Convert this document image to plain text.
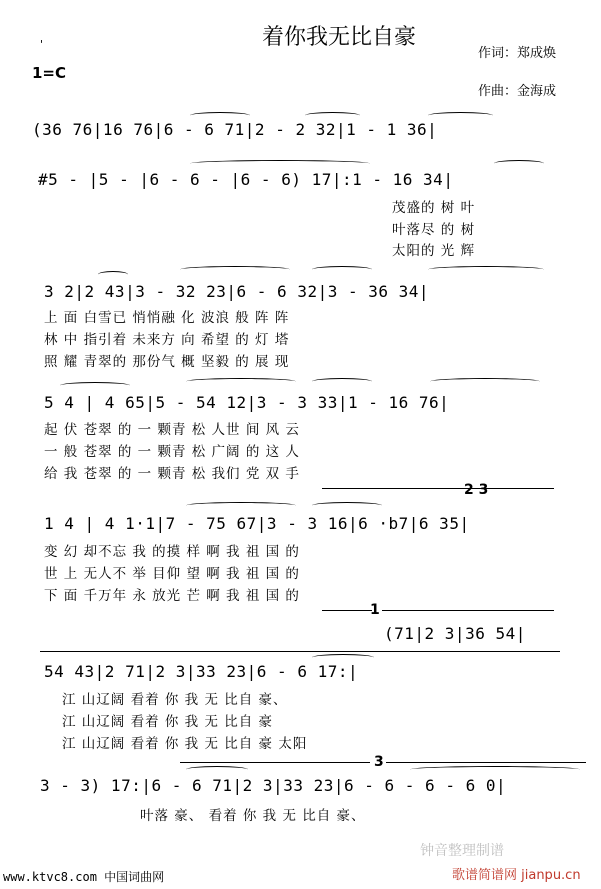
'	着你我无比自豪
作词：郑成焕
作曲：金海成
1=C
(36 76|16 76|6 - 6 71|2 - 2 32|1 - 1 36|
#5 - |5 - |6 - 6 - |6 - 6) 17|:1 - 16 34|
茂盛的 树 叶
叶落尽 的 树
太阳的 光 辉
3 2|2 43|3 - 32 23|6 - 6 32|3 - 36 34|
上 面 白雪已 悄悄融 化 波浪 般 阵 阵
林 中 指引着 未来方 向 希望 的 灯 塔
照 耀 青翠的 那份气 概 坚毅 的 展 现
5 4 | 4 65|5 - 54 12|3 - 3 33|1 - 16 76|
起 伏 苍翠 的 一 颗青 松 人世 间 风 云
一 般 苍翠 的 一 颗青 松 广阔 的 这 人
给 我 苍翠 的 一 颗青 松 我们 党 双 手
2 3
1 4 | 4 1·1|7 - 75 67|3 - 3 16|6 ·b7|6 35|
变 幻 却不忘 我 的摸 样 啊 我 祖 国 的
世 上 无人不 举 目仰 望 啊 我 祖 国 的
下 面 千万年 永 放光 芒 啊 我 祖 国 的
1
(71|2 3|36 54|
54 43|2 71|2 3|33 23|6 - 6 17:|
江 山辽阔 看着 你 我 无 比自 豪、
江 山辽阔 看着 你 我 无 比自 豪
江 山辽阔 看着 你 我 无 比自 豪 太阳
3
3 - 3) 17:|6 - 6 71|2 3|33 23|6 - 6 - 6 - 6 0|
叶落 豪、 看着 你 我 无 比自 豪、
钟音整理制谱
www.ktvc8.com 中国词曲网	歌谱简谱网 jianpu.cn
